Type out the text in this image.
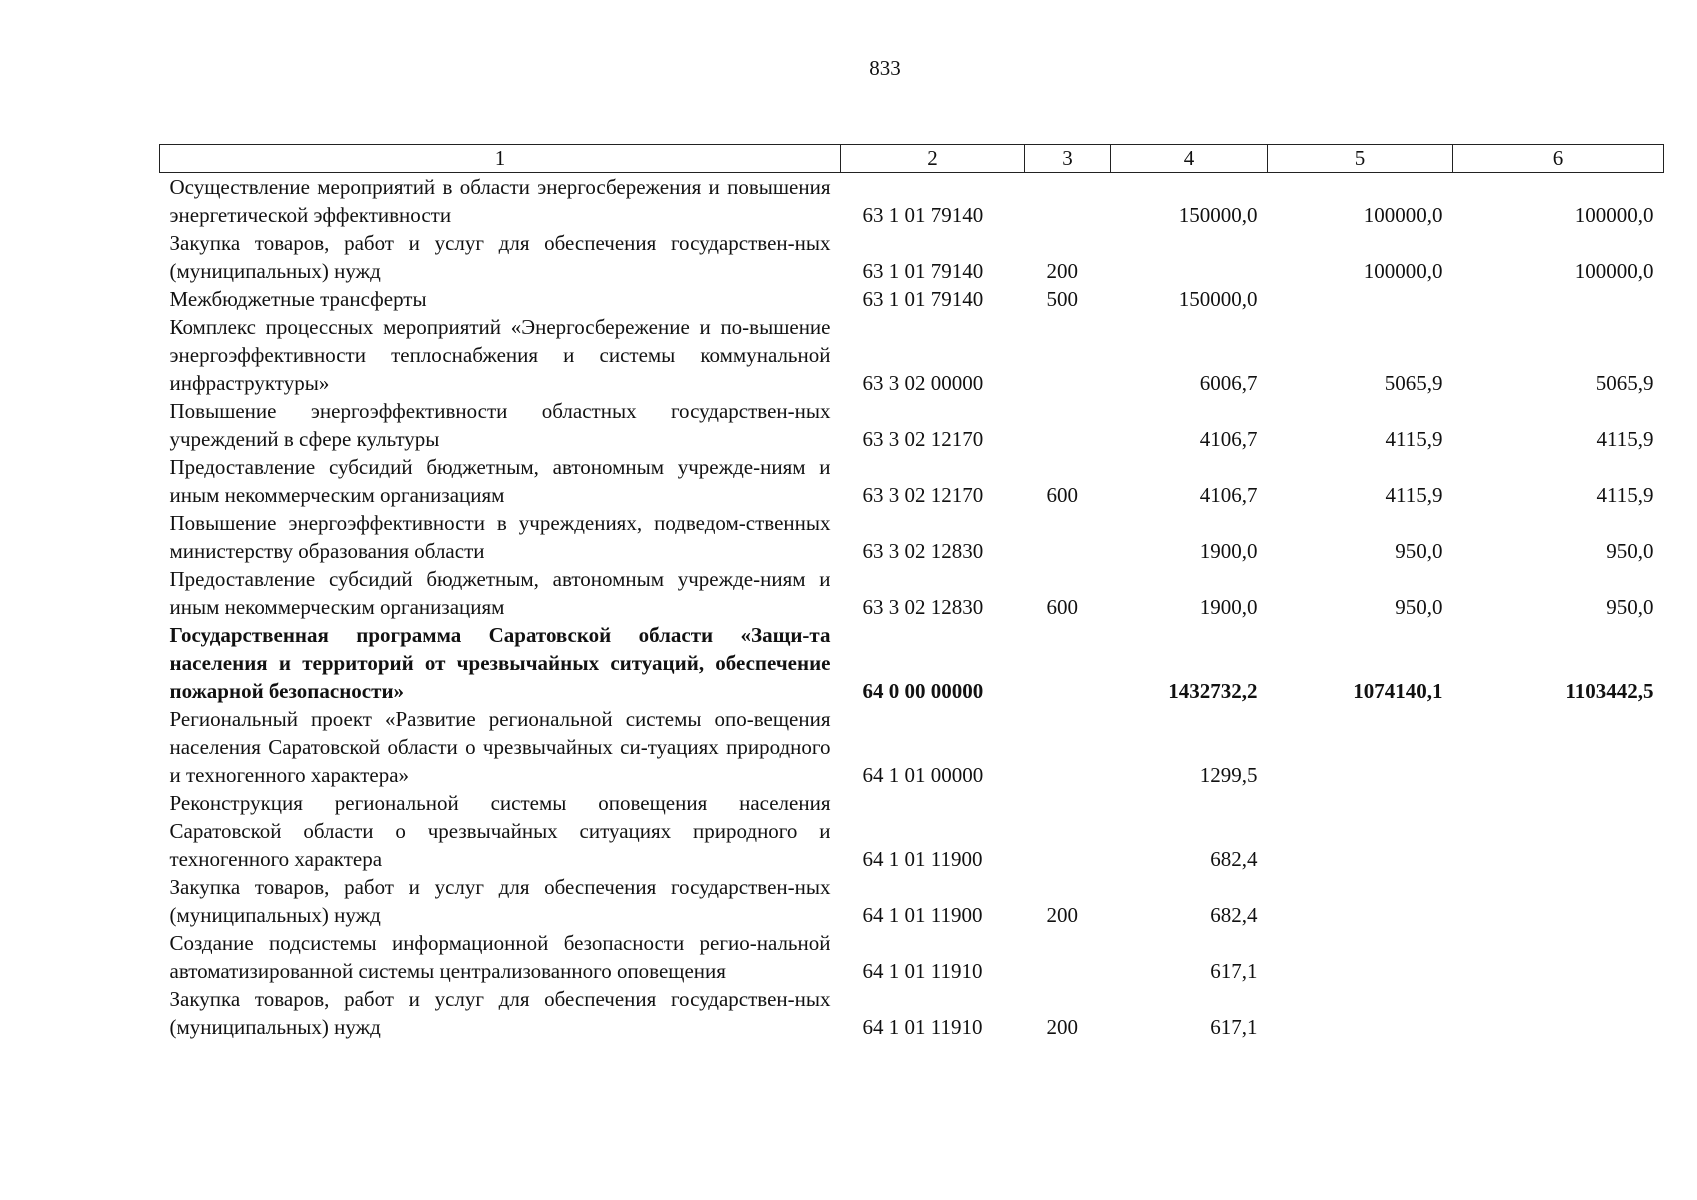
833
1	2	3	4	5	6
Осуществление мероприятий в области энергосбережения и повышения энергетической эффективности	63 1 01 79140		150000,0	100000,0	100000,0
Закупка товаров, работ и услуг для обеспечения государствен-ных (муниципальных) нужд	63 1 01 79140	200		100000,0	100000,0
Межбюджетные трансферты	63 1 01 79140	500	150000,0		
Комплекс процессных мероприятий «Энергосбережение и по-вышение энергоэффективности теплоснабжения и системы коммунальной инфраструктуры»	63 3 02 00000		6006,7	5065,9	5065,9
Повышение энергоэффективности областных государствен-ных учреждений в сфере культуры	63 3 02 12170		4106,7	4115,9	4115,9
Предоставление субсидий бюджетным, автономным учрежде-ниям и иным некоммерческим организациям	63 3 02 12170	600	4106,7	4115,9	4115,9
Повышение энергоэффективности в учреждениях, подведом-ственных министерству образования области	63 3 02 12830		1900,0	950,0	950,0
Предоставление субсидий бюджетным, автономным учрежде-ниям и иным некоммерческим организациям	63 3 02 12830	600	1900,0	950,0	950,0
Государственная программа Саратовской области «Защи-та населения и территорий от чрезвычайных ситуаций, обеспечение пожарной безопасности»	64 0 00 00000		1432732,2	1074140,1	1103442,5
Региональный проект «Развитие региональной системы опо-вещения населения Саратовской области о чрезвычайных си-туациях природного и техногенного характера»	64 1 01 00000		1299,5		
Реконструкция региональной системы оповещения населения Саратовской области о чрезвычайных ситуациях природного и техногенного характера	64 1 01 11900		682,4		
Закупка товаров, работ и услуг для обеспечения государствен-ных (муниципальных) нужд	64 1 01 11900	200	682,4		
Создание подсистемы информационной безопасности регио-нальной автоматизированной системы централизованного оповещения	64 1 01 11910		617,1		
Закупка товаров, работ и услуг для обеспечения государствен-ных (муниципальных) нужд	64 1 01 11910	200	617,1		
